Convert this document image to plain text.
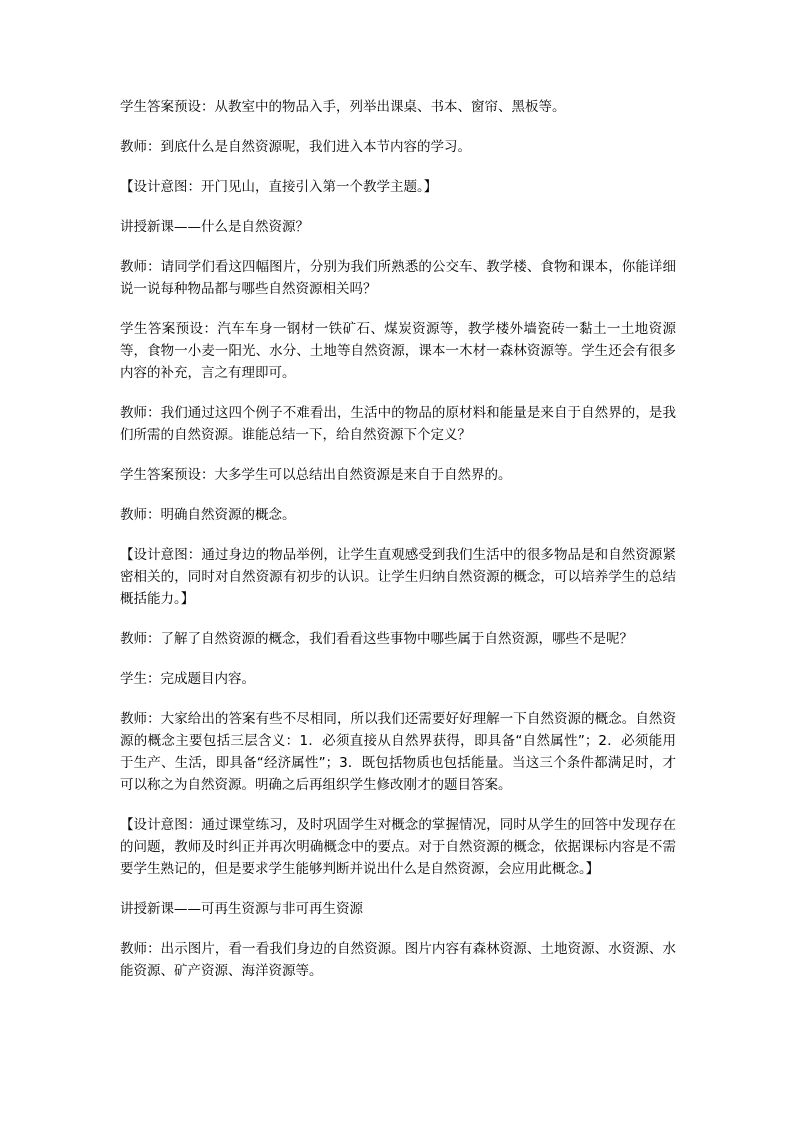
学生答案预设：从教室中的物品入手，列举出课桌、书本、窗帘、黑板等。

教师：到底什么是自然资源呢，我们进入本节内容的学习。

【设计意图：开门见山，直接引入第一个教学主题。】

讲授新课——什么是自然资源？

教师：请同学们看这四幅图片，分别为我们所熟悉的公交车、教学楼、食物和课本，你能详细说一说每种物品都与哪些自然资源相关吗？

学生答案预设：汽车车身一钢材一铁矿石、煤炭资源等，教学楼外墙瓷砖一黏土一土地资源等，食物一小麦一阳光、水分、土地等自然资源，课本一木材一森林资源等。学生还会有很多内容的补充，言之有理即可。

教师：我们通过这四个例子不难看出，生活中的物品的原材料和能量是来自于自然界的，是我们所需的自然资源。谁能总结一下，给自然资源下个定义？

学生答案预设：大多学生可以总结出自然资源是来自于自然界的。

教师：明确自然资源的概念。

【设计意图：通过身边的物品举例，让学生直观感受到我们生活中的很多物品是和自然资源紧密相关的，同时对自然资源有初步的认识。让学生归纳自然资源的概念，可以培养学生的总结概括能力。】

教师：了解了自然资源的概念，我们看看这些事物中哪些属于自然资源，哪些不是呢？

学生：完成题目内容。

教师：大家给出的答案有些不尽相同，所以我们还需要好好理解一下自然资源的概念。自然资源的概念主要包括三层含义：1．必须直接从自然界获得，即具备“自然属性”；2．必须能用于生产、生活，即具备“经济属性”；3．既包括物质也包括能量。当这三个条件都满足时，才可以称之为自然资源。明确之后再组织学生修改刚才的题目答案。

【设计意图：通过课堂练习，及时巩固学生对概念的掌握情况，同时从学生的回答中发现存在的问题，教师及时纠正并再次明确概念中的要点。对于自然资源的概念，依据课标内容是不需要学生熟记的，但是要求学生能够判断并说出什么是自然资源，会应用此概念。】

讲授新课——可再生资源与非可再生资源

教师：出示图片，看一看我们身边的自然资源。图片内容有森林资源、土地资源、水资源、水能资源、矿产资源、海洋资源等。
